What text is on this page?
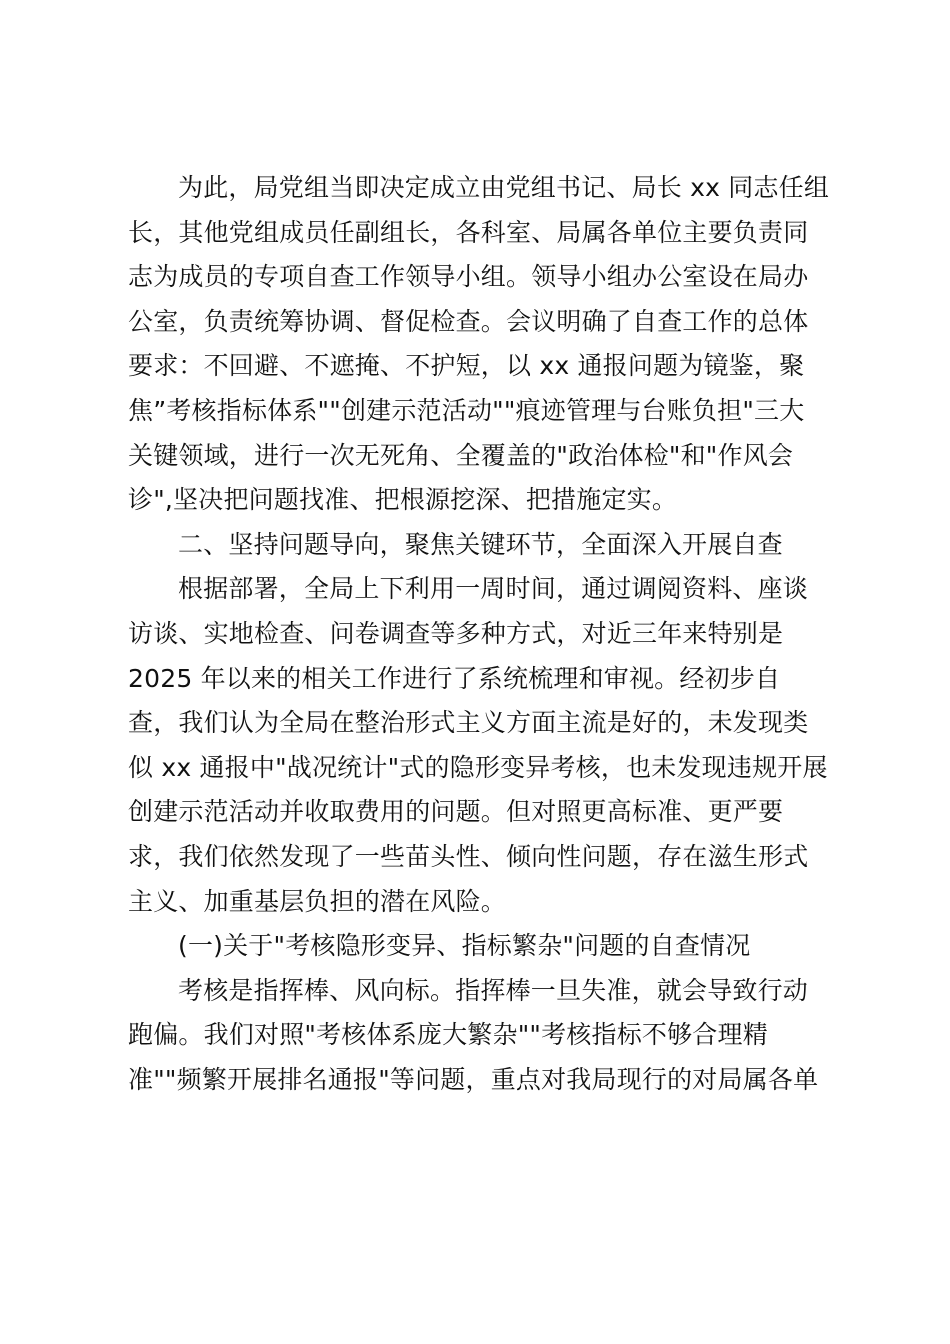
为此，局党组当即决定成立由党组书记、局长 xx 同志任组
长，其他党组成员任副组长，各科室、局属各单位主要负责同
志为成员的专项自查工作领导小组。领导小组办公室设在局办
公室，负责统筹协调、督促检查。会议明确了自查工作的总体
要求：不回避、不遮掩、不护短，以 xx 通报问题为镜鉴，聚
焦”考核指标体系""创建示范活动""痕迹管理与台账负担"三大
关键领域，进行一次无死角、全覆盖的"政治体检"和"作风会
诊",坚决把问题找准、把根源挖深、把措施定实。
二、坚持问题导向，聚焦关键环节，全面深入开展自查
根据部署，全局上下利用一周时间，通过调阅资料、座谈
访谈、实地检查、问卷调查等多种方式，对近三年来特别是
2025 年以来的相关工作进行了系统梳理和审视。经初步自
查，我们认为全局在整治形式主义方面主流是好的，未发现类
似 xx 通报中"战况统计"式的隐形变异考核，也未发现违规开展
创建示范活动并收取费用的问题。但对照更高标准、更严要
求，我们依然发现了一些苗头性、倾向性问题，存在滋生形式
主义、加重基层负担的潜在风险。
(一)关于"考核隐形变异、指标繁杂"问题的自查情况
考核是指挥棒、风向标。指挥棒一旦失准，就会导致行动
跑偏。我们对照"考核体系庞大繁杂""考核指标不够合理精
准""频繁开展排名通报"等问题，重点对我局现行的对局属各单
